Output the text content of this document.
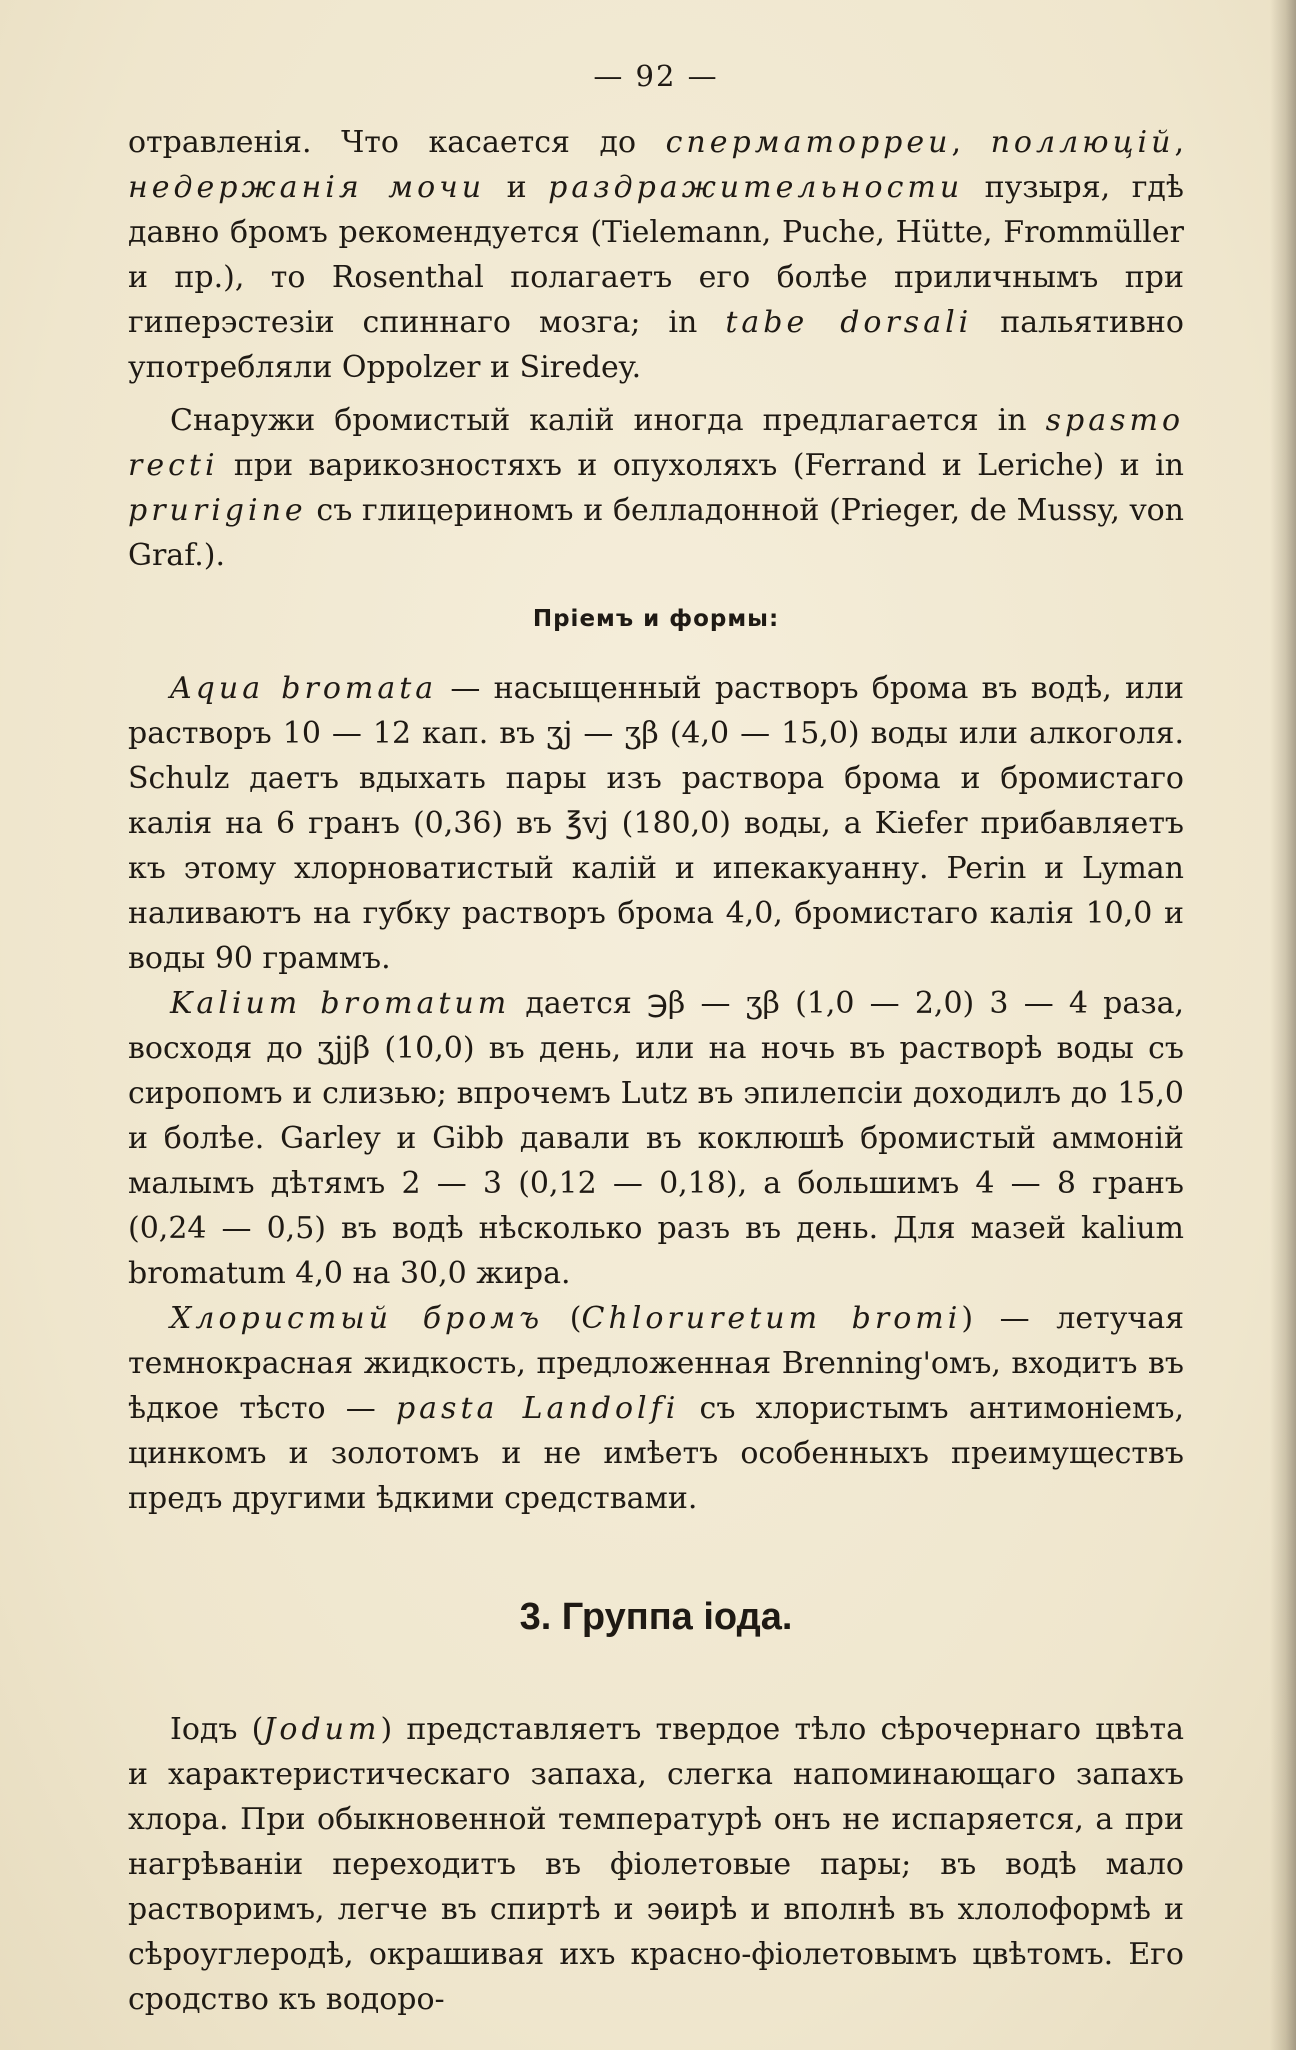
— 92 —

отравленія. Что касается до сперматорреи, поллюцій, недержанія мочи и раздражительности пузыря, гдѣ давно бромъ рекомендуется (Tielemann, Puche, Hütte, Frommüller и пр.), то Rosenthal полагаетъ его болѣе приличнымъ при гиперэстезіи спиннаго мозга; in tabe dorsali пальятивно употребляли Oppolzer и Siredey.

Снаружи бромистый калій иногда предлагается in spasmo recti при варикозностяхъ и опухоляхъ (Ferrand и Leriche) и in prurigine съ глицериномъ и белладонной (Prieger, de Mussy, von Graf.).

Пріемъ и формы:

Aqua bromata — насыщенный растворъ брома въ водѣ, или растворъ 10 — 12 кап. въ ʒj — ʒβ (4,0 — 15,0) воды или алкоголя. Schulz даетъ вдыхать пары изъ раствора брома и бромистаго калія на 6 гранъ (0,36) въ ℥vj (180,0) воды, а Kiefer прибавляетъ къ этому хлорноватистый калій и ипекакуанну. Perin и Lyman наливаютъ на губку растворъ брома 4,0, бромистаго калія 10,0 и воды 90 граммъ.

Kalium bromatum дается ℈β — ʒβ (1,0 — 2,0) 3 — 4 раза, восходя до ʒjjβ (10,0) въ день, или на ночь въ растворѣ воды съ сиропомъ и слизью; впрочемъ Lutz въ эпилепсіи доходилъ до 15,0 и болѣе. Garley и Gibb давали въ коклюшѣ бромистый аммоній малымъ дѣтямъ 2 — 3 (0,12 — 0,18), а большимъ 4 — 8 гранъ (0,24 — 0,5) въ водѣ нѣсколько разъ въ день. Для мазей kalium bromatum 4,0 на 30,0 жира.

Хлористый бромъ (Chloruretum bromi) — летучая темнокрасная жидкость, предложенная Brenning'омъ, входитъ въ ѣдкое тѣсто — pasta Landolfi съ хлористымъ антимоніемъ, цинкомъ и золотомъ и не имѣетъ особенныхъ преимуществъ предъ другими ѣдкими средствами.

3. Группа іода.

Іодъ (Jodum) представляетъ твердое тѣло сѣрочернаго цвѣта и характеристическаго запаха, слегка напоминающаго запахъ хлора. При обыкновенной температурѣ онъ не испаряется, а при нагрѣваніи переходитъ въ фіолетовые пары; въ водѣ мало растворимъ, легче въ спиртѣ и эѳирѣ и вполнѣ въ хлолоформѣ и сѣроуглеродѣ, окрашивая ихъ красно-фіолетовымъ цвѣтомъ. Его сродство къ водоро-
